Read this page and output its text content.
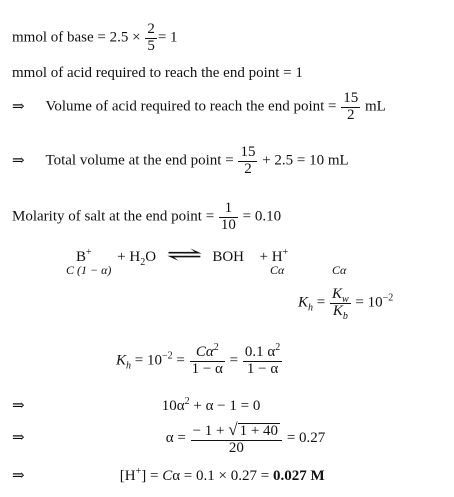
mmol of base = $2.5 \times \frac{2}{5} = 1$
mmol of acid required to reach the end point = 1
⇒ Volume of acid required to reach the end point = $\frac{15}{2}$ mL
⇒ Total volume at the end point = $\frac{15}{2} + 2.5 = 10$ mL
Molarity of salt at the end point = $\frac{1}{10} = 0.10$
$B^+ + H_2O$ ⇌ BOH + H+
C (1 − α)	Cα	Cα
$K_h = \frac{K_w}{K_b} = 10^{-2}$
$K_h = 10^{-2} = \frac{C\alpha^2}{1 - \alpha} = \frac{0.1 \alpha^2}{1 - \alpha}$
⇒	$10\alpha^2 + \alpha - 1 = 0$
⇒	$\alpha = \frac{- 1 + √ 1 + 40}{20} = 0.27$
⇒	[H+] = Cα = 0.1 × 0.27 = 0.027 M
